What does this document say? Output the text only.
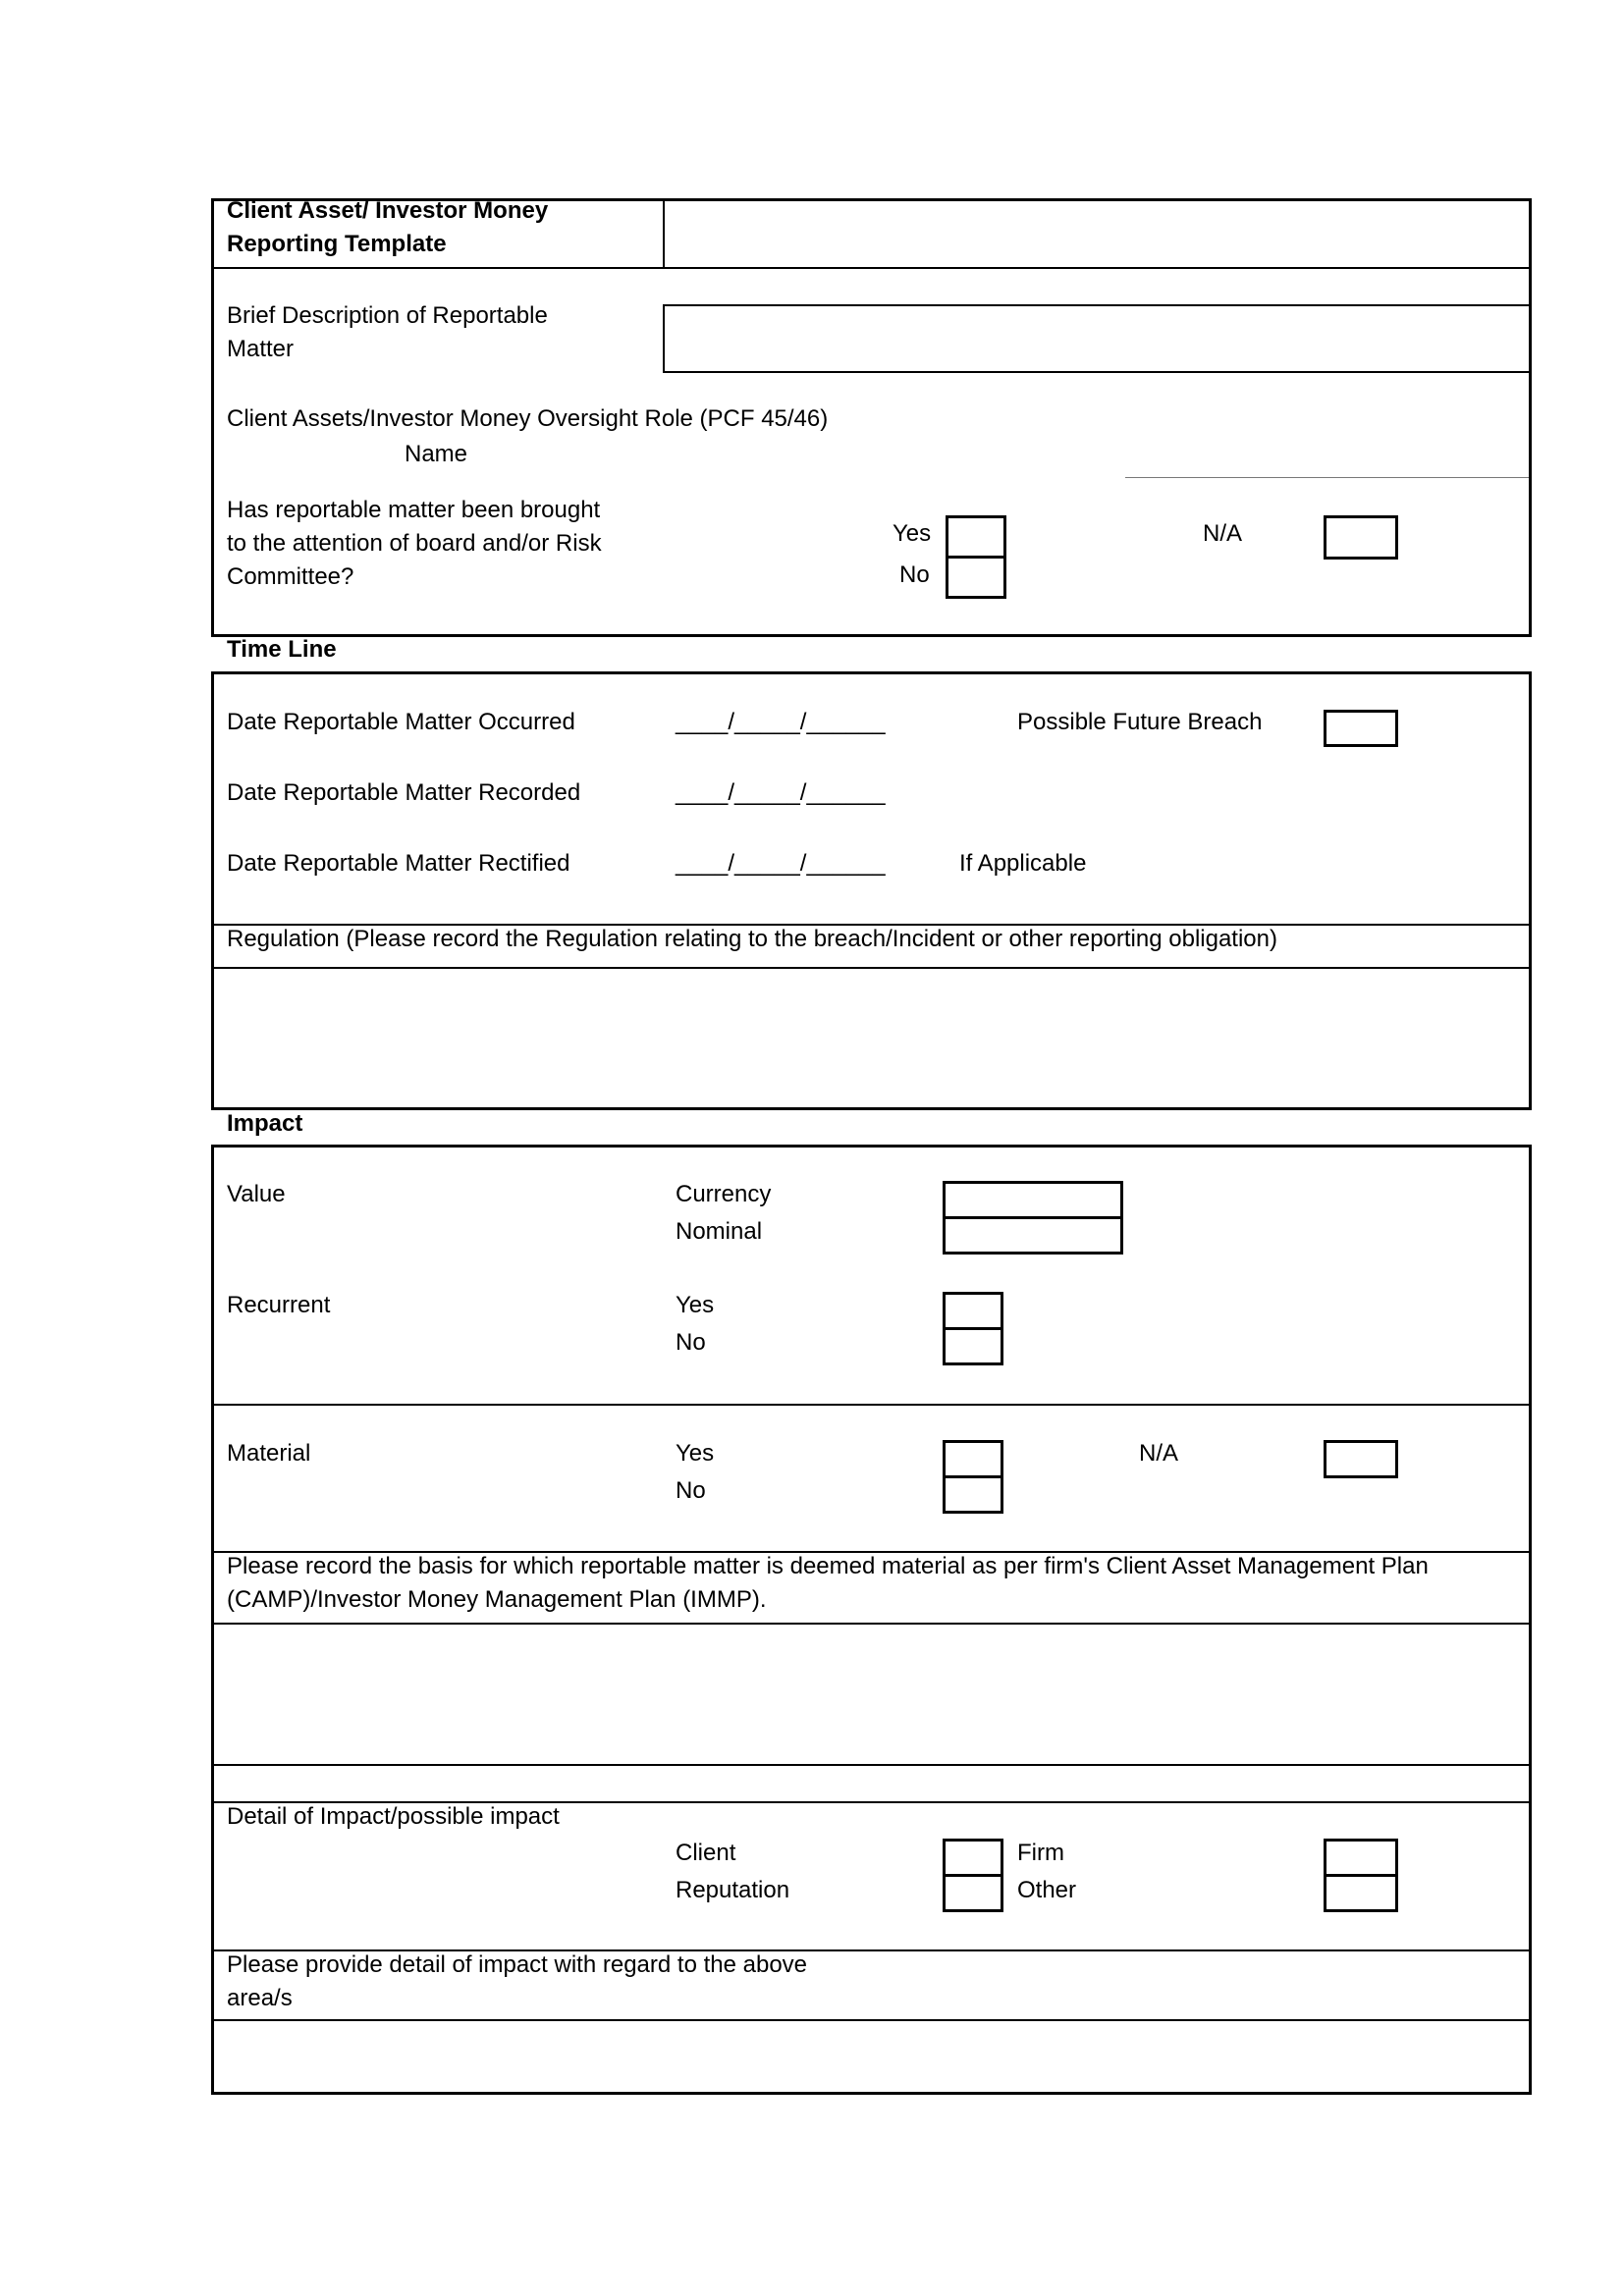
Client Asset/ Investor Money
Reporting Template
Brief Description of Reportable
Matter
Client Assets/Investor Money Oversight Role (PCF 45/46)
Name
Has reportable matter been brought
to the attention of board and/or Risk
Committee?
Yes
No
N/A
Time Line
Date Reportable Matter Occurred	____/_____/______	Possible Future Breach
Date Reportable Matter Recorded	____/_____/______
Date Reportable Matter Rectified	____/_____/______	If Applicable
Regulation (Please record the Regulation relating to the breach/Incident or other reporting obligation)
Impact
Value	Currency
Nominal
Recurrent	Yes
No
Material	Yes
No
N/A
Please record the basis for which reportable matter is deemed material as per firm's Client Asset Management Plan
(CAMP)/Investor Money Management Plan (IMMP).
Detail of Impact/possible impact
Client
Reputation
Firm
Other
Please provide detail of impact with regard to the above
area/s
